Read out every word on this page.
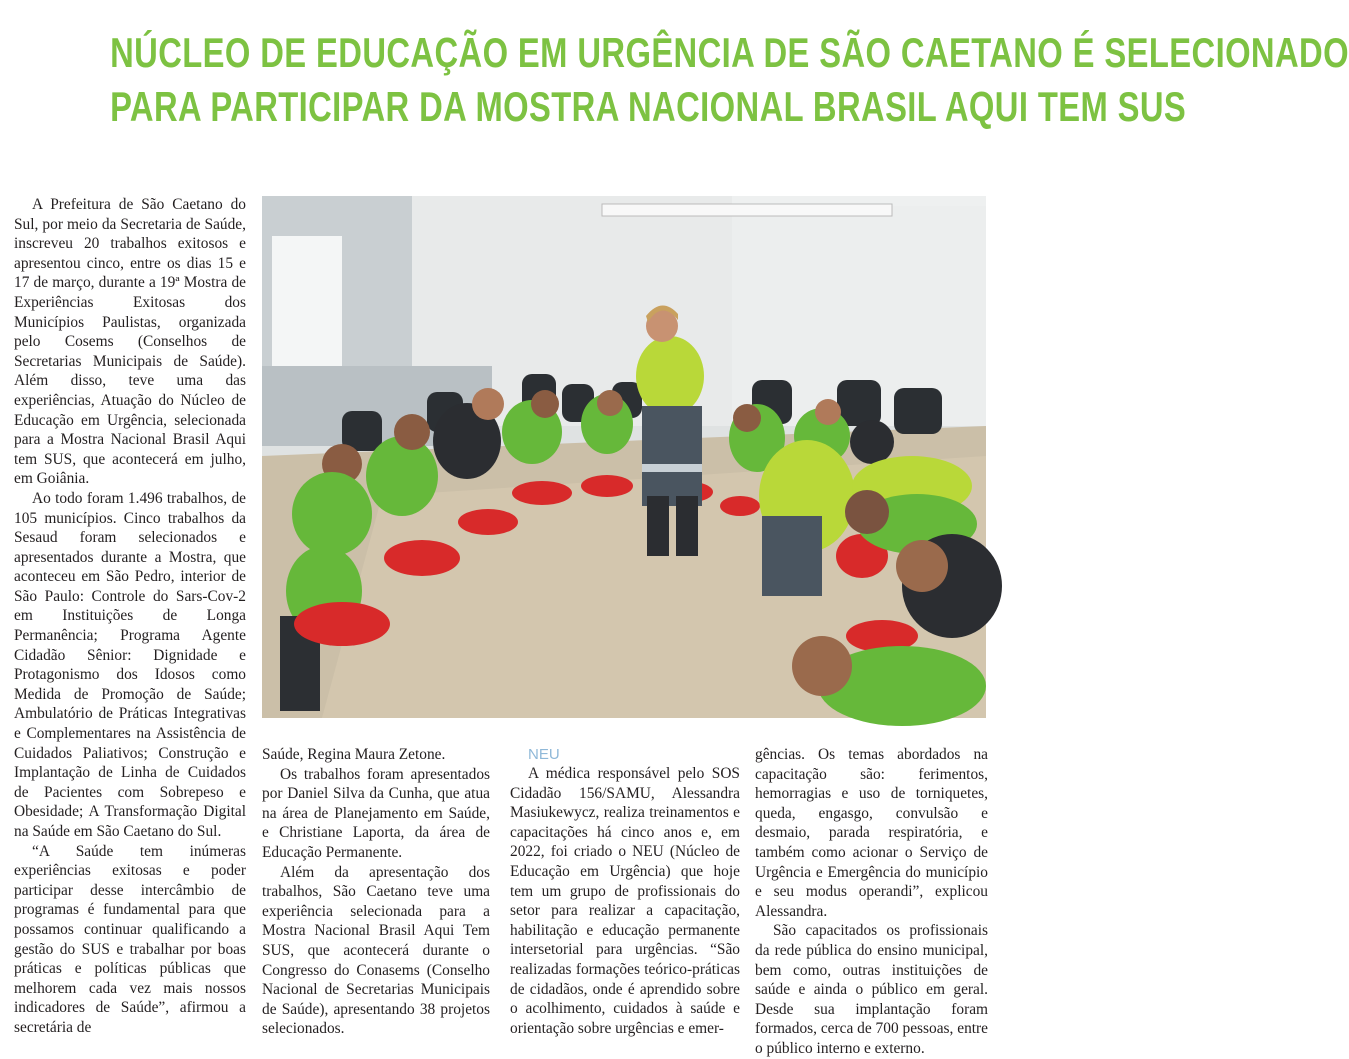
NÚCLEO DE EDUCAÇÃO EM URGÊNCIA DE SÃO CAETANO É SELECIONADO
PARA PARTICIPAR DA MOSTRA NACIONAL BRASIL AQUI TEM SUS

A Prefeitura de São Caetano do Sul, por meio da Secretaria de Saúde, inscreveu 20 trabalhos exitosos e apresentou cinco, entre os dias 15 e 17 de março, durante a 19ª Mostra de Experiências Exitosas dos Municípios Paulistas, organizada pelo Cosems (Conselhos de Secretarias Municipais de Saúde). Além disso, teve uma das experiências, Atuação do Núcleo de Educação em Urgência, selecionada para a Mostra Nacional Brasil Aqui tem SUS, que acontecerá em julho, em Goiânia.

Ao todo foram 1.496 trabalhos, de 105 municípios. Cinco trabalhos da Sesaud foram selecionados e apresentados durante a Mostra, que aconteceu em São Pedro, interior de São Paulo: Controle do Sars-Cov-2 em Instituições de Longa Permanência; Programa Agente Cidadão Sênior: Dignidade e Protagonismo dos Idosos como Medida de Promoção de Saúde; Ambulatório de Práticas Integrativas e Complementares na Assistência de Cuidados Paliativos; Construção e Implantação de Linha de Cuidados de Pacientes com Sobrepeso e Obesidade; A Transformação Digital na Saúde em São Caetano do Sul.

“A Saúde tem inúmeras experiências exitosas e poder participar desse intercâmbio de programas é fundamental para que possamos continuar qualificando a gestão do SUS e trabalhar por boas práticas e políticas públicas que melhorem cada vez mais nossos indicadores de Saúde”, afirmou a secretária de

Saúde, Regina Maura Zetone.

Os trabalhos foram apresentados por Daniel Silva da Cunha, que atua na área de Planejamento em Saúde, e Christiane Laporta, da área de Educação Permanente.

Além da apresentação dos trabalhos, São Caetano teve uma experiência selecionada para a Mostra Nacional Brasil Aqui Tem SUS, que acontecerá durante o Congresso do Conasems (Conselho Nacional de Secretarias Municipais de Saúde), apresentando 38 projetos selecionados.

NEU

A médica responsável pelo SOS Cidadão 156/SAMU, Alessandra Masiukewycz, realiza treinamentos e capacitações há cinco anos e, em 2022, foi criado o NEU (Núcleo de Educação em Urgência) que hoje tem um grupo de profissionais do setor para realizar a capacitação, habilitação e educação permanente intersetorial para urgências. “São realizadas formações teórico-práticas de cidadãos, onde é aprendido sobre o acolhimento, cuidados à saúde e orientação sobre urgências e emer-

gências. Os temas abordados na capacitação são: ferimentos, hemorragias e uso de torniquetes, queda, engasgo, convulsão e desmaio, parada respiratória, e também como acionar o Serviço de Urgência e Emergência do município e seu modus operandi”, explicou Alessandra.

São capacitados os profissionais da rede pública do ensino municipal, bem como, outras instituições de saúde e ainda o público em geral. Desde sua implantação foram formados, cerca de 700 pessoas, entre o público interno e externo.
